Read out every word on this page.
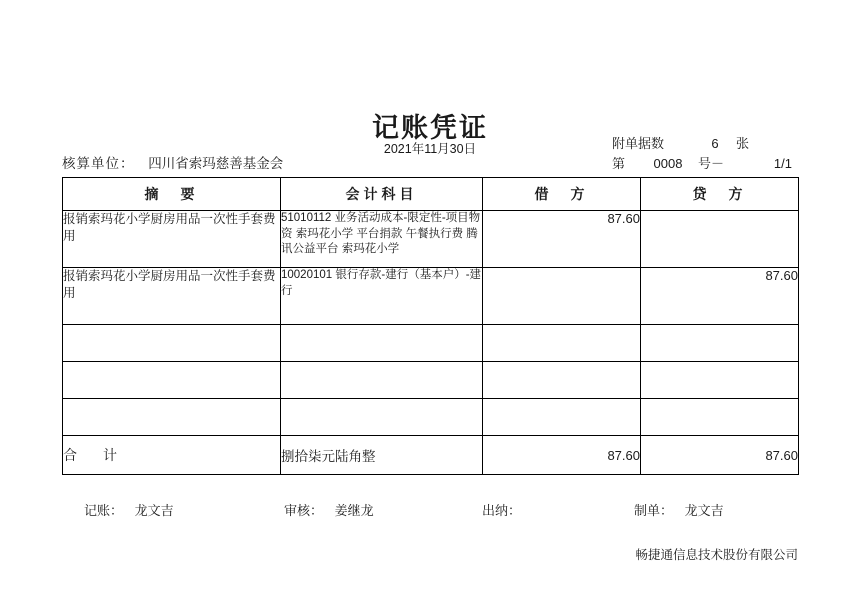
记账凭证
2021年11月30日
核算单位： 四川省索玛慈善基金会
附单据数	6	张
第	0008	号－	1/1
摘　要	会计科目	借　方	贷　方
报销索玛花小学厨房用品一次性手套费用	51010112 业务活动成本-限定性-项目物资 索玛花小学 平台捐款 午餐执行费 腾讯公益平台 索玛花小学	87.60	
报销索玛花小学厨房用品一次性手套费用	10020101 银行存款-建行（基本户）-建行		87.60

合　计	捌拾柒元陆角整	87.60	87.60
记账： 龙文吉	审核： 姜继龙	出纳：	制单： 龙文吉
畅捷通信息技术股份有限公司
